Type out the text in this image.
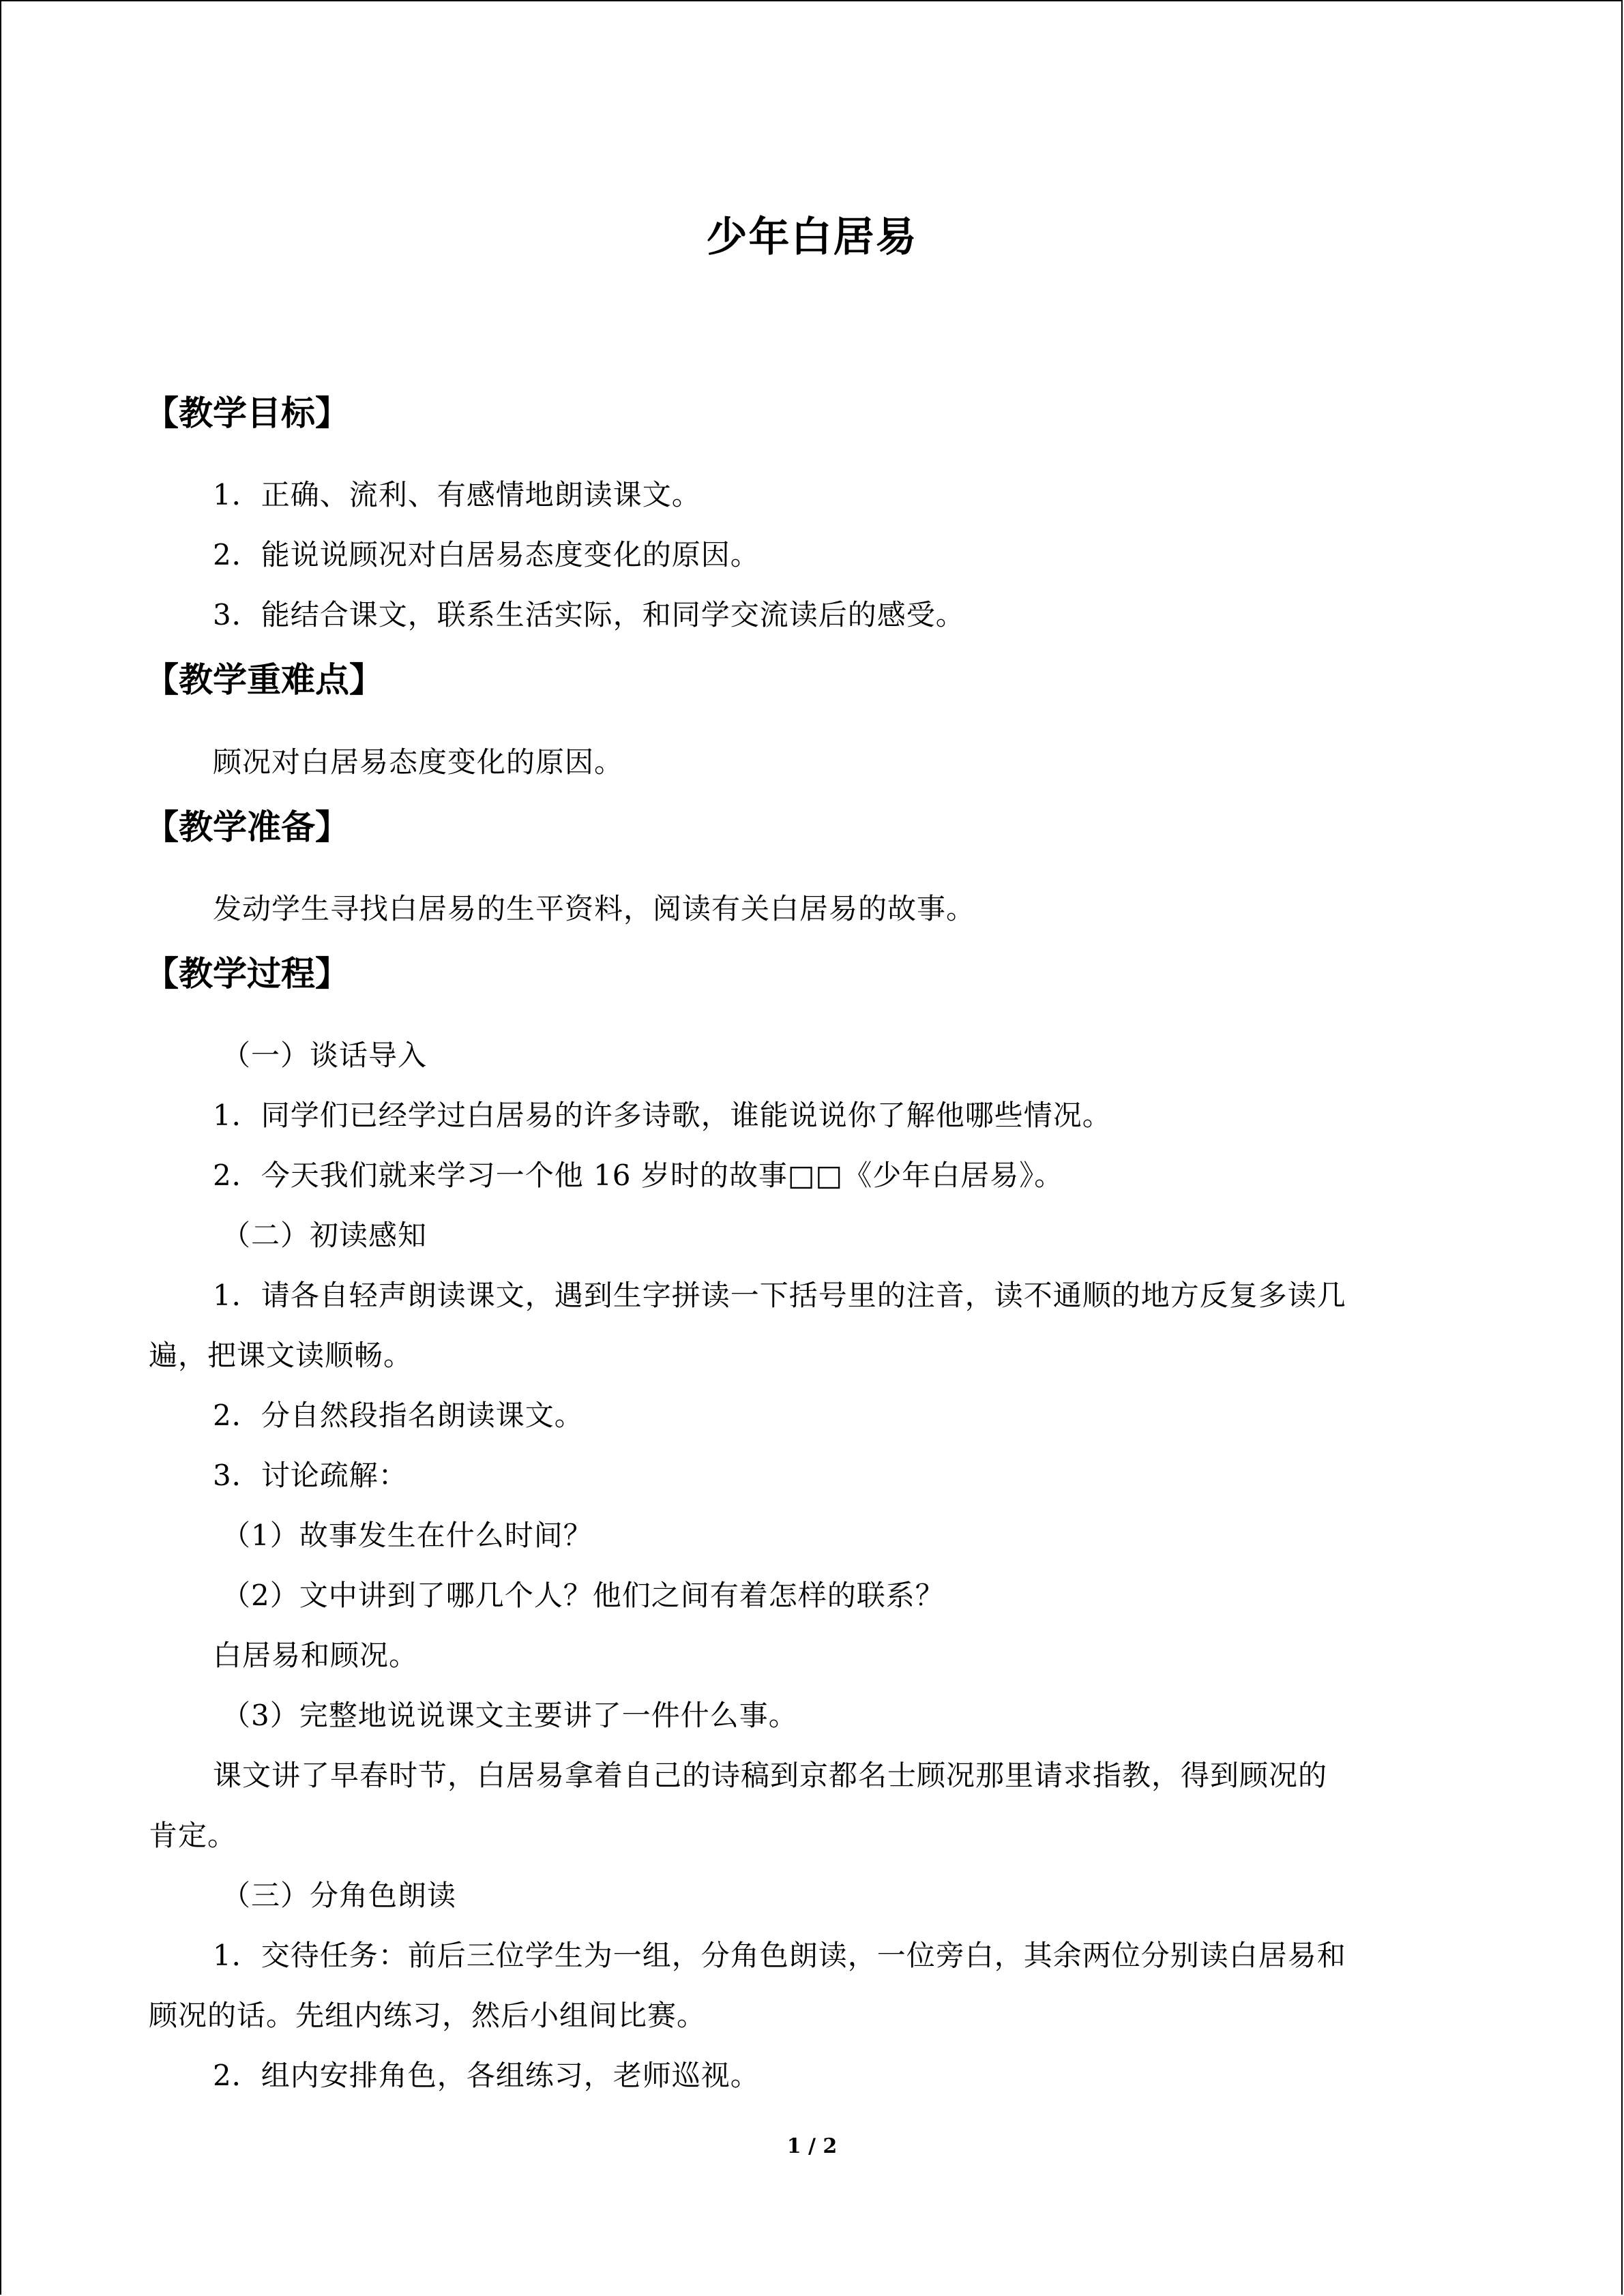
少年白居易
【教学目标】
1．正确、流利、有感情地朗读课文。
2．能说说顾况对白居易态度变化的原因。
3．能结合课文，联系生活实际，和同学交流读后的感受。
【教学重难点】
顾况对白居易态度变化的原因。
【教学准备】
发动学生寻找白居易的生平资料，阅读有关白居易的故事。
【教学过程】
（一）谈话导入
1．同学们已经学过白居易的许多诗歌，谁能说说你了解他哪些情况。
2．今天我们就来学习一个他 16 岁时的故事□□《少年白居易》。
（二）初读感知
1．请各自轻声朗读课文，遇到生字拼读一下括号里的注音，读不通顺的地方反复多读几
遍，把课文读顺畅。
2．分自然段指名朗读课文。
3．讨论疏解：
（1）故事发生在什么时间？
（2）文中讲到了哪几个人？他们之间有着怎样的联系？
白居易和顾况。
（3）完整地说说课文主要讲了一件什么事。
课文讲了早春时节，白居易拿着自己的诗稿到京都名士顾况那里请求指教，得到顾况的
肯定。
（三）分角色朗读
1．交待任务：前后三位学生为一组，分角色朗读，一位旁白，其余两位分别读白居易和
顾况的话。先组内练习，然后小组间比赛。
2．组内安排角色，各组练习，老师巡视。
1 / 2
